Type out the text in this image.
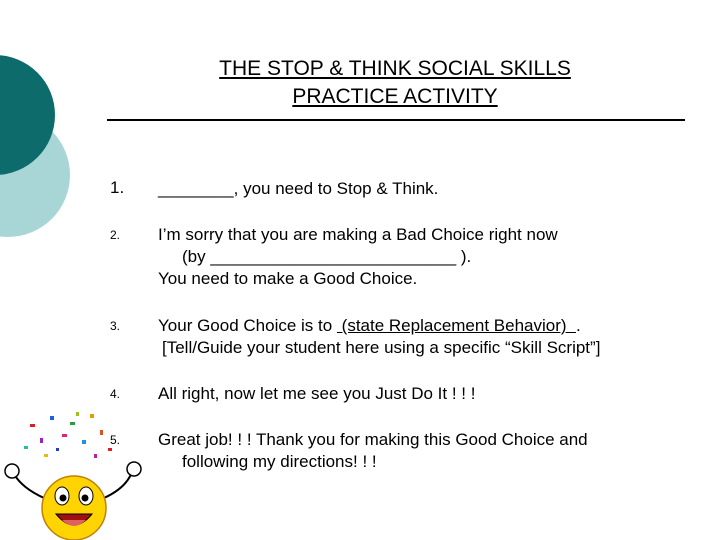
THE STOP & THINK SOCIAL SKILLS
PRACTICE ACTIVITY
1. ________, you need to Stop & Think.
2. I’m sorry that you are making a Bad Choice right now
(by __________________________ ).
You need to make a Good Choice.
3. Your Good Choice is to  (state Replacement Behavior)  .
[Tell/Guide your student here using a specific “Skill Script”]
4. All right, now let me see you Just Do It ! ! !
5. Great job! ! ! Thank you for making this Good Choice and
following my directions! ! !
